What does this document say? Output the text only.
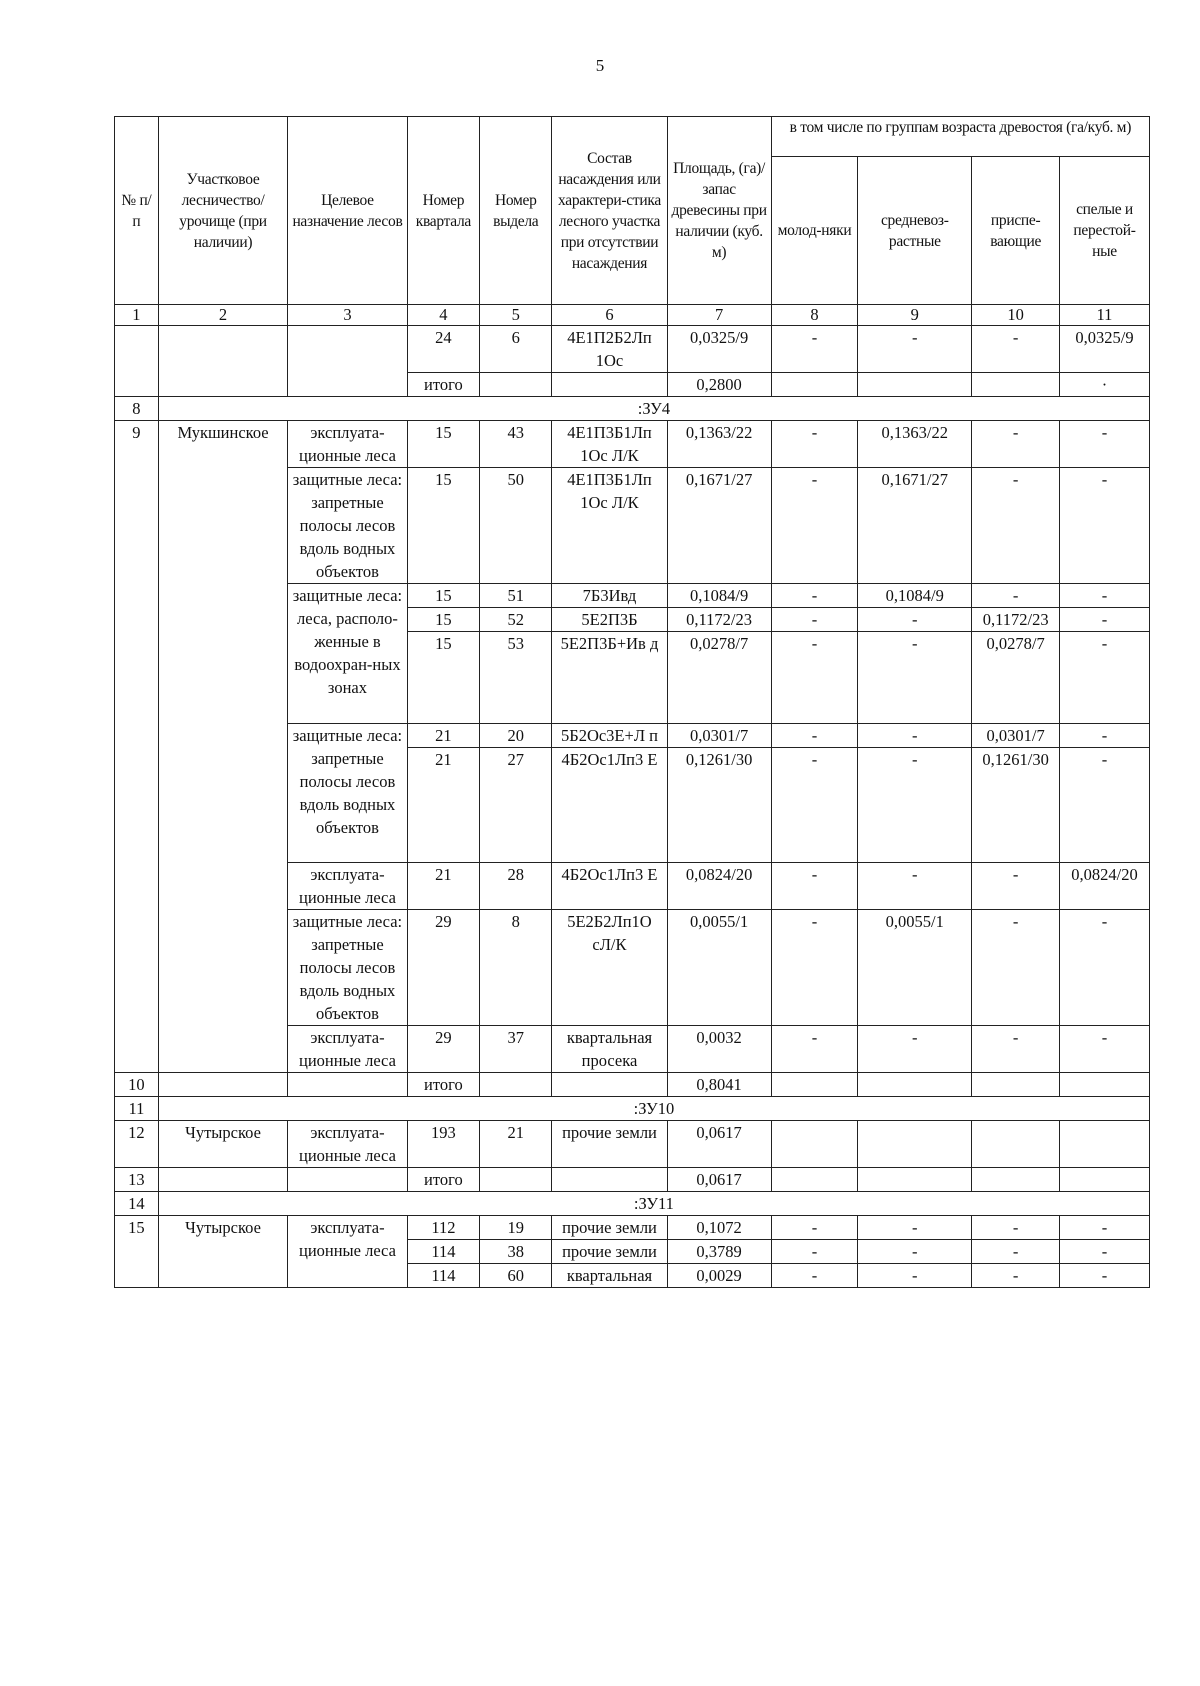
5
№ п/п	Участковое лесничество/ урочище (при наличии)	Целевое назначение лесов	Номер квартала	Номер выдела	Состав насаждения или характери-стика лесного участка при отсутствии насаждения	Площадь, (га)/запас древесины при наличии (куб. м)	в том числе по группам возраста древостоя (га/куб. м)			
							молод-няки	средневоз-растные	приспе-вающие	спелые и перестой-ные
1	2	3	4	5	6	7	8	9	10	11
			24	6	4Е1П2Б2Лп 1Ос	0,0325/9	-	-	-	0,0325/9
			итого			0,2800				·
8	:ЗУ4									
9	Мукшинское	эксплуата-ционные леса	15	43	4Е1П3Б1Лп 1Ос Л/К	0,1363/22	-	0,1363/22	-	-
		защитные леса: запретные полосы лесов вдоль водных объектов	15	50	4Е1П3Б1Лп 1Ос Л/К	0,1671/27	-	0,1671/27	-	-
		защитные леса: леса, располо-женные в водоохран-ных зонах	15	51	7Б3Ивд	0,1084/9	-	0,1084/9	-	-
			15	52	5Е2П3Б	0,1172/23	-	-	0,1172/23	-
			15	53	5Е2П3Б+Ив д	0,0278/7	-	-	0,0278/7	-
		защитные леса: запретные полосы лесов вдоль водных объектов	21	20	5Б2Ос3Е+Л п	0,0301/7	-	-	0,0301/7	-
			21	27	4Б2Ос1Лп3 Е	0,1261/30	-	-	0,1261/30	-
		эксплуата-ционные леса	21	28	4Б2Ос1Лп3 Е	0,0824/20	-	-	-	0,0824/20
		защитные леса: запретные полосы лесов вдоль водных объектов	29	8	5Е2Б2Лп1О сЛ/К	0,0055/1	-	0,0055/1	-	-
		эксплуата-ционные леса	29	37	квартальная просека	0,0032	-	-	-	-
10			итого			0,8041				
11	:ЗУ10									
12	Чутырское	эксплуата-ционные леса	193	21	прочие земли	0,0617				
13			итого			0,0617				
14	:ЗУ11									
15	Чутырское	эксплуата-ционные леса	112	19	прочие земли	0,1072	-	-	-	-
			114	38	прочие земли	0,3789	-	-	-	-
			114	60	квартальная	0,0029	-	-	-	-
